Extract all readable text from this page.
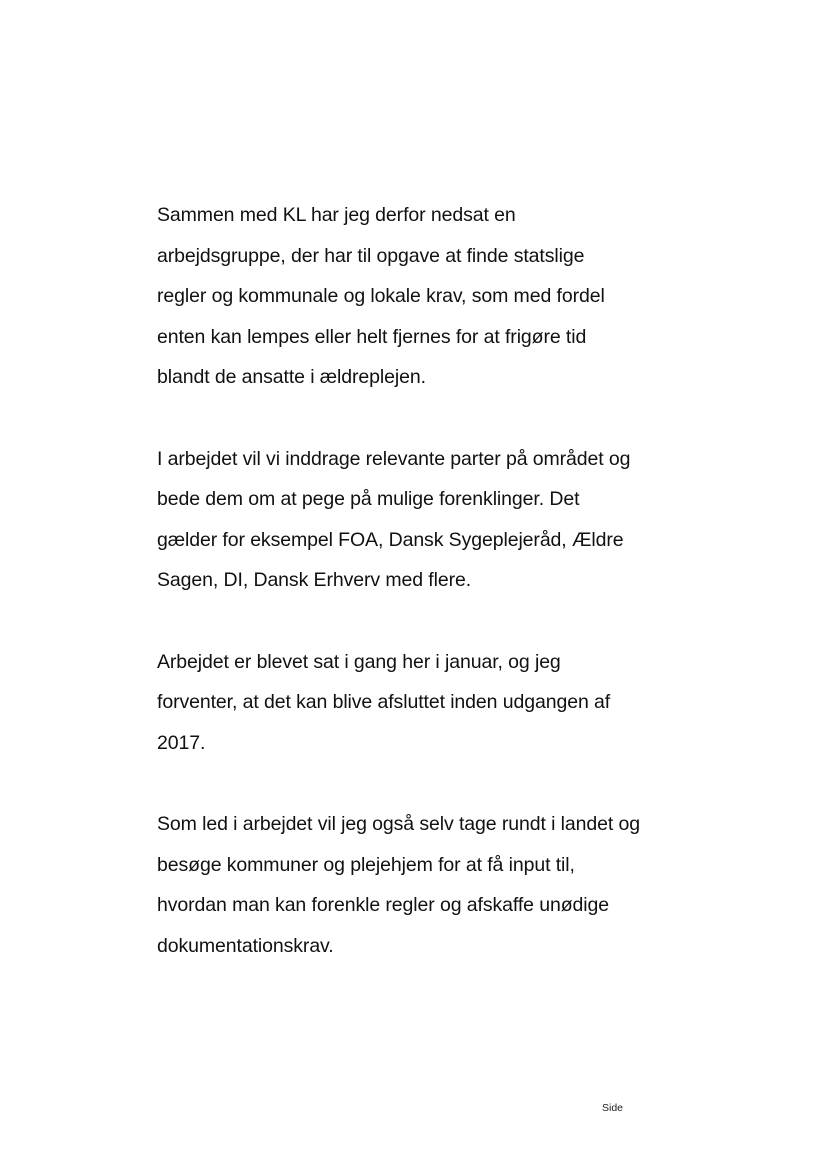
Sammen med KL har jeg derfor nedsat en
arbejdsgruppe, der har til opgave at finde statslige
regler og kommunale og lokale krav, som med fordel
enten kan lempes eller helt fjernes for at frigøre tid
blandt de ansatte i ældreplejen.

I arbejdet vil vi inddrage relevante parter på området og
bede dem om at pege på mulige forenklinger. Det
gælder for eksempel FOA, Dansk Sygeplejeråd, Ældre
Sagen, DI, Dansk Erhverv med flere.

Arbejdet er blevet sat i gang her i januar, og jeg
forventer, at det kan blive afsluttet inden udgangen af
2017.

Som led i arbejdet vil jeg også selv tage rundt i landet og
besøge kommuner og plejehjem for at få input til,
hvordan man kan forenkle regler og afskaffe unødige
dokumentationskrav.

Side
